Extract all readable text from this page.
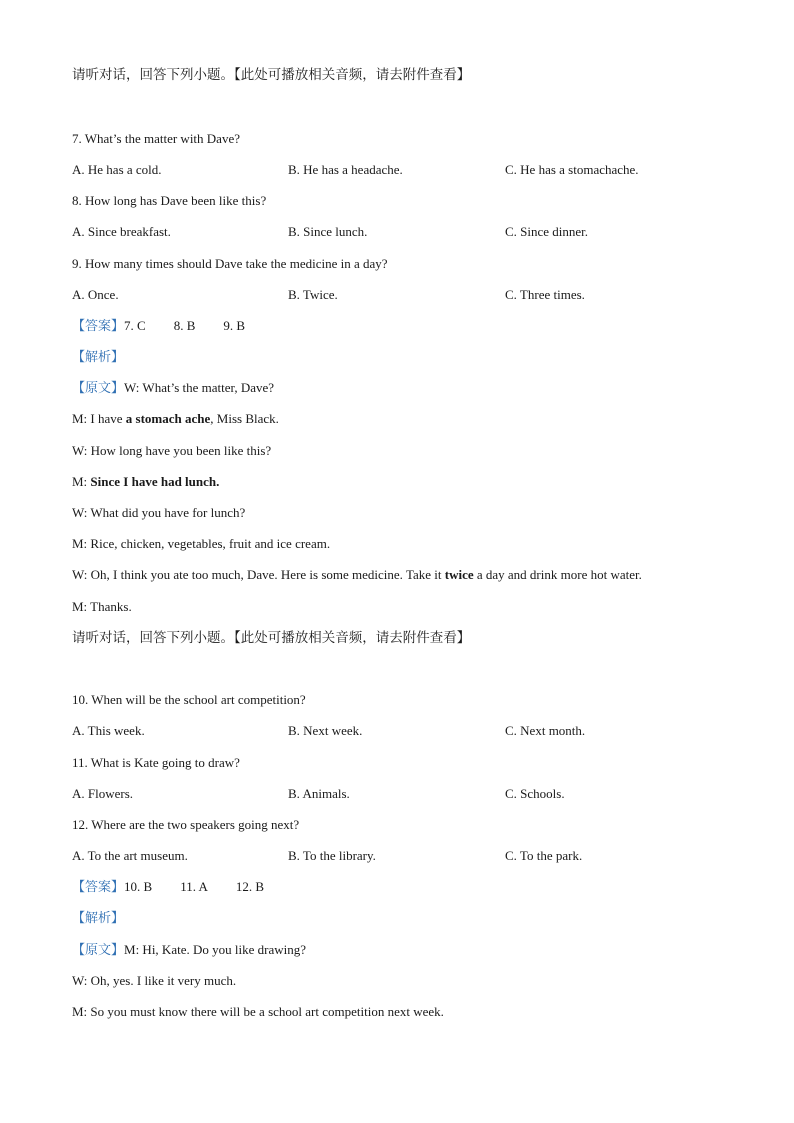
请听对话，回答下列小题。【此处可播放相关音频，请去附件查看】
7. What’s the matter with Dave?
A. He has a cold.	B. He has a headache.	C. He has a stomachache.
8. How long has Dave been like this?
A. Since breakfast.	B. Since lunch.	C. Since dinner.
9. How many times should Dave take the medicine in a day?
A. Once.	B. Twice.	C. Three times.
【答案】7. C 8. B 9. B
【解析】
【原文】W: What’s the matter, Dave?
M: I have a stomach ache, Miss Black.
W: How long have you been like this?
M: Since I have had lunch.
W: What did you have for lunch?
M: Rice, chicken, vegetables, fruit and ice cream.
W: Oh, I think you ate too much, Dave. Here is some medicine. Take it twice a day and drink more hot water.
M: Thanks.
请听对话，回答下列小题。【此处可播放相关音频，请去附件查看】
10. When will be the school art competition?
A. This week.	B. Next week.	C. Next month.
11. What is Kate going to draw?
A. Flowers.	B. Animals.	C. Schools.
12. Where are the two speakers going next?
A. To the art museum.	B. To the library.	C. To the park.
【答案】10. B 11. A 12. B
【解析】
【原文】M: Hi, Kate. Do you like drawing?
W: Oh, yes. I like it very much.
M: So you must know there will be a school art competition next week.
